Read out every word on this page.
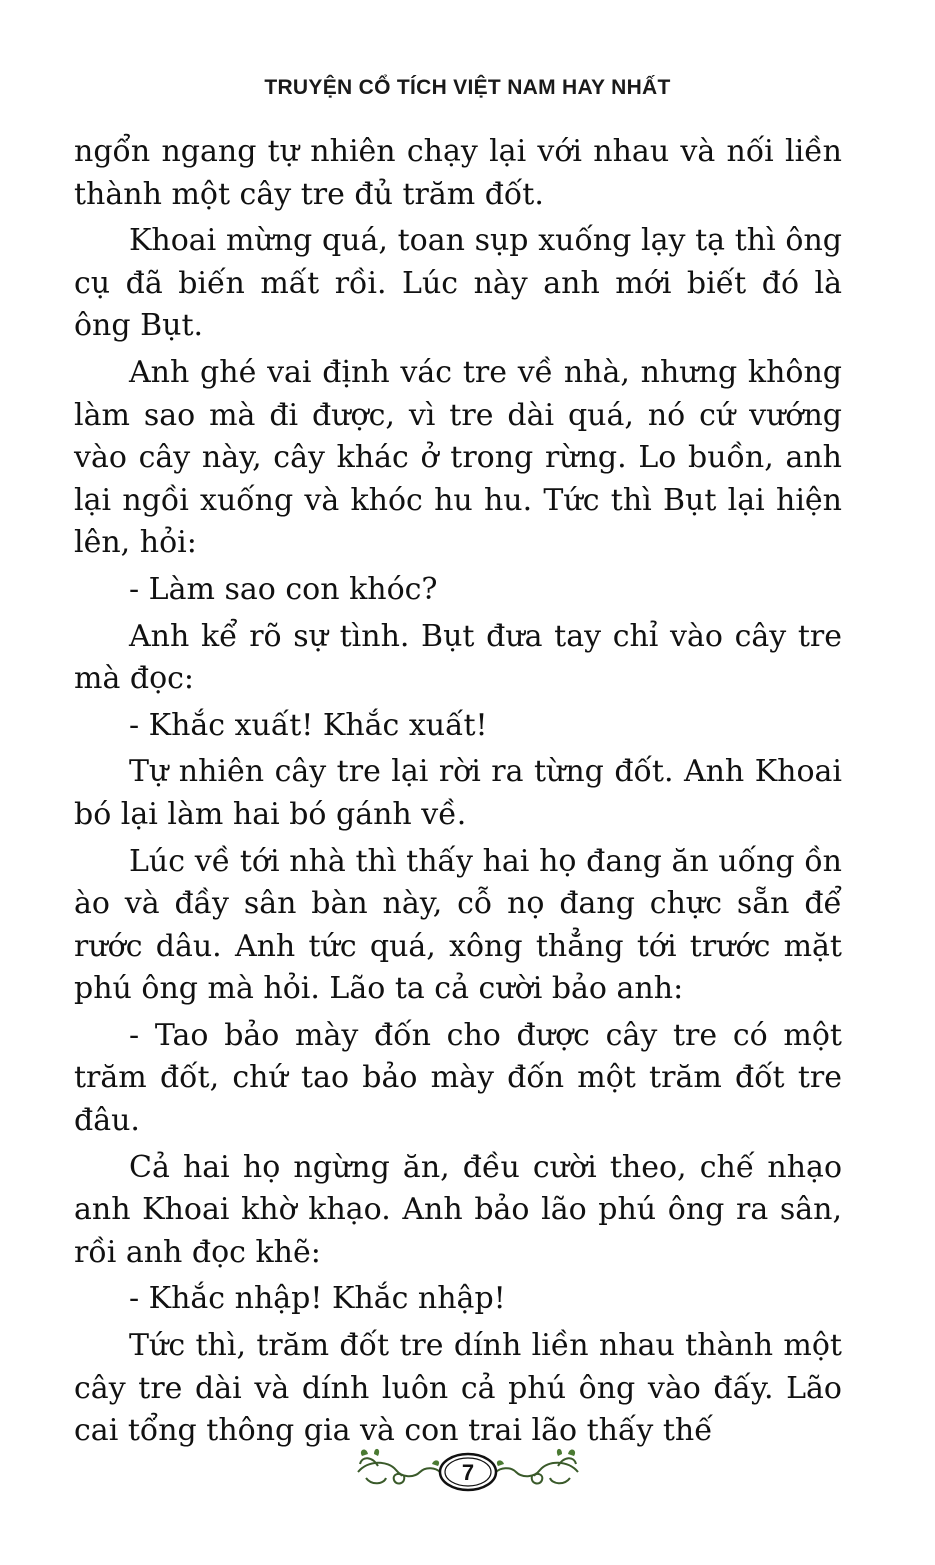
TRUYỆN CỔ TÍCH VIỆT NAM HAY NHẤT

ngổn ngang tự nhiên chạy lại với nhau và nối liền thành một cây tre đủ trăm đốt.

Khoai mừng quá, toan sụp xuống lạy tạ thì ông cụ đã biến mất rồi. Lúc này anh mới biết đó là ông Bụt.

Anh ghé vai định vác tre về nhà, nhưng không làm sao mà đi được, vì tre dài quá, nó cứ vướng vào cây này, cây khác ở trong rừng. Lo buồn, anh lại ngồi xuống và khóc hu hu. Tức thì Bụt lại hiện lên, hỏi:

- Làm sao con khóc?

Anh kể rõ sự tình. Bụt đưa tay chỉ vào cây tre mà đọc:

- Khắc xuất! Khắc xuất!

Tự nhiên cây tre lại rời ra từng đốt. Anh Khoai bó lại làm hai bó gánh về.

Lúc về tới nhà thì thấy hai họ đang ăn uống ồn ào và đầy sân bàn này, cỗ nọ đang chực sẵn để rước dâu. Anh tức quá, xông thẳng tới trước mặt phú ông mà hỏi. Lão ta cả cười bảo anh:

- Tao bảo mày đốn cho được cây tre có một trăm đốt, chứ tao bảo mày đốn một trăm đốt tre đâu.

Cả hai họ ngừng ăn, đều cười theo, chế nhạo anh Khoai khờ khạo. Anh bảo lão phú ông ra sân, rồi anh đọc khẽ:

- Khắc nhập! Khắc nhập!

Tức thì, trăm đốt tre dính liền nhau thành một cây tre dài và dính luôn cả phú ông vào đấy. Lão cai tổng thông gia và con trai lão thấy thế

7
